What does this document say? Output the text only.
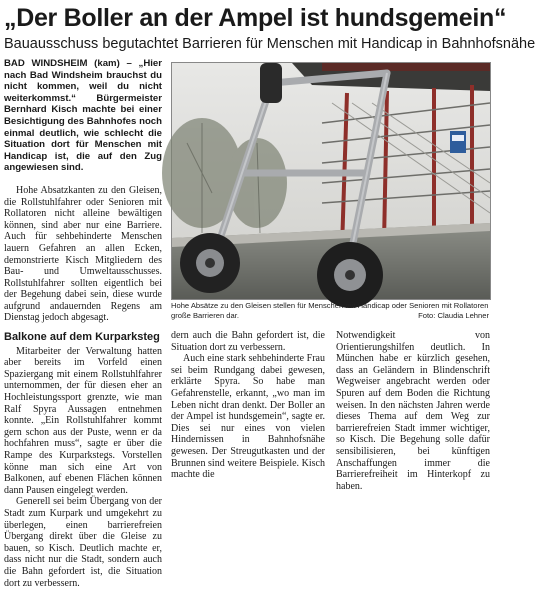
„Der Boller an der Ampel ist hundsgemein“
Bauausschuss begutachtet Barrieren für Menschen mit Handicap in Bahnhofsnähe

BAD WINDSHEIM (kam) – „Hier nach Bad Windsheim brauchst du nicht kommen, weil du nicht weiterkommst.“ Bürgermeister Bernhard Kisch machte bei einer Besichtigung des Bahnhofes noch einmal deutlich, wie schlecht die Situation dort für Menschen mit Handicap ist, die auf den Zug angewiesen sind.

Hohe Absatzkanten zu den Gleisen, die Rollstuhlfahrer oder Senioren mit Rollatoren nicht alleine bewältigen können, sind aber nur eine Barriere. Auch für sehbehinderte Menschen lauern Gefahren an allen Ecken, demonstrierte Kisch Mitgliedern des Bau- und Umweltausschusses. Rollstuhlfahrer sollten eigentlich bei der Begehung dabei sein, diese wurde aufgrund andauernden Regens am Dienstag jedoch abgesagt.

Balkone auf dem Kurparksteg

Mitarbeiter der Verwaltung hatten aber bereits im Vorfeld einen Spaziergang mit einem Rollstuhlfahrer unternommen, der für diesen eher an Hochleistungssport grenzte, wie man Ralf Spyra Aussagen entnehmen konnte. „Ein Rollstuhlfahrer kommt gern schon aus der Puste, wenn er da hochfahren muss“, sagte er über die Rampe des Kurparkstegs. Vorstellen könne man sich eine Art von Balkonen, auf ebenen Flächen können dann Pausen eingelegt werden.

Generell sei beim Übergang von der Stadt zum Kurpark und umgekehrt zu überlegen, einen barrierefreien Übergang direkt über die Gleise zu bauen, so Kisch. Deutlich machte er, dass nicht nur die Stadt, sondern auch die Bahn gefordert ist, die Situation dort zu verbessern.

Hohe Absätze zu den Gleisen stellen für Menschen mit Handicap oder Senioren mit Rollatoren große Barrieren dar.	Foto: Claudia Lehner

dern auch die Bahn gefordert ist, die Situation dort zu verbessern.

Auch eine stark sehbehinderte Frau sei beim Rundgang dabei gewesen, erklärte Spyra. So habe man Gefahrenstelle, erkannt, „wo man im Leben nicht dran denkt. Der Boller an der Ampel ist hundsgemein“, sagte er. Dies sei nur eines von vielen Hindernissen in Bahnhofsnähe gewesen. Der Streugutkasten und der Brunnen sind weitere Beispiele. Kisch machte die

Notwendigkeit von Orientierungshilfen deutlich. In München habe er kürzlich gesehen, dass an Geländern in Blindenschrift Wegweiser angebracht werden oder Spuren auf dem Boden die Richtung weisen. In den nächsten Jahren werde dieses Thema auf dem Weg zur barrierefreien Stadt immer wichtiger, so Kisch. Die Begehung solle dafür sensibilisieren, bei künftigen Anschaffungen immer die Barrierefreiheit im Hinterkopf zu haben.
